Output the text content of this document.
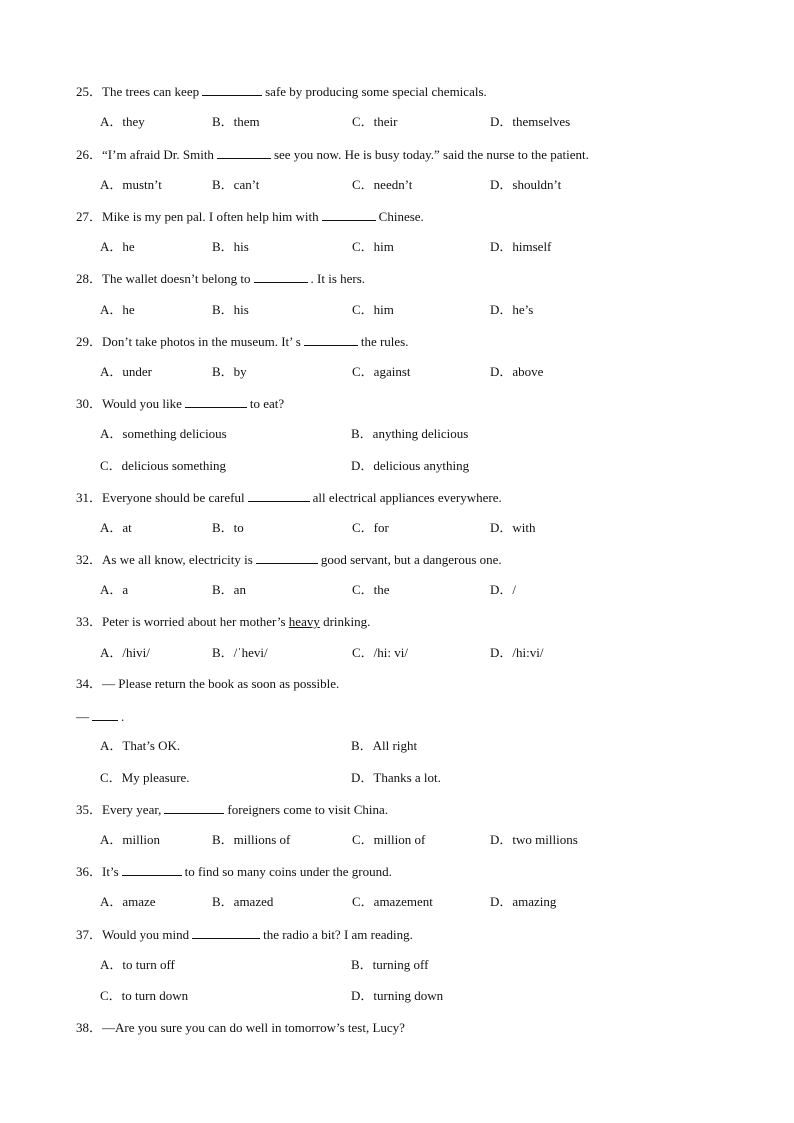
25．The trees can keep	safe by producing some special chemicals.
A．they	B．them	C．their	D．themselves
26．“I’m afraid Dr. Smith	see you now. He is busy today.” said the nurse to the patient.
A．mustn’t	B．can’t	C．needn’t	D．shouldn’t
27．Mike is my pen pal. I often help him with	Chinese.
A．he	B．his	C．him	D．himself
28．The wallet doesn’t belong to	. It is hers.
A．he	B．his	C．him	D．he’s
29．Don’t take photos in the museum. It’ s	the rules.
A．under	B．by	C．against	D．above
30．Would you like	to eat?
A．something delicious	B．anything delicious
C．delicious something	D．delicious anything
31．Everyone should be careful	all electrical appliances everywhere.
A．at	B．to	C．for	D．with
32．As we all know, electricity is	good servant, but a dangerous one.
A．a	B．an	C．the	D．/
33．Peter is worried about her mother’s heavy drinking.
A．/hivi/	B．/ˈhevi/	C．/hi: vi/	D．/hi:vi/
34．— Please return the book as soon as possible.
— .
A．That’s OK.	B．All right
C．My pleasure.	D．Thanks a lot.
35．Every year,	foreigners come to visit China.
A．million	B．millions of	C．million of	D．two millions
36．It’s	to find so many coins under the ground.
A．amaze	B．amazed	C．amazement	D．amazing
37．Would you mind	the radio a bit? I am reading.
A．to turn off	B．turning off
C．to turn down	D．turning down
38．—Are you sure you can do well in tomorrow’s test, Lucy?
